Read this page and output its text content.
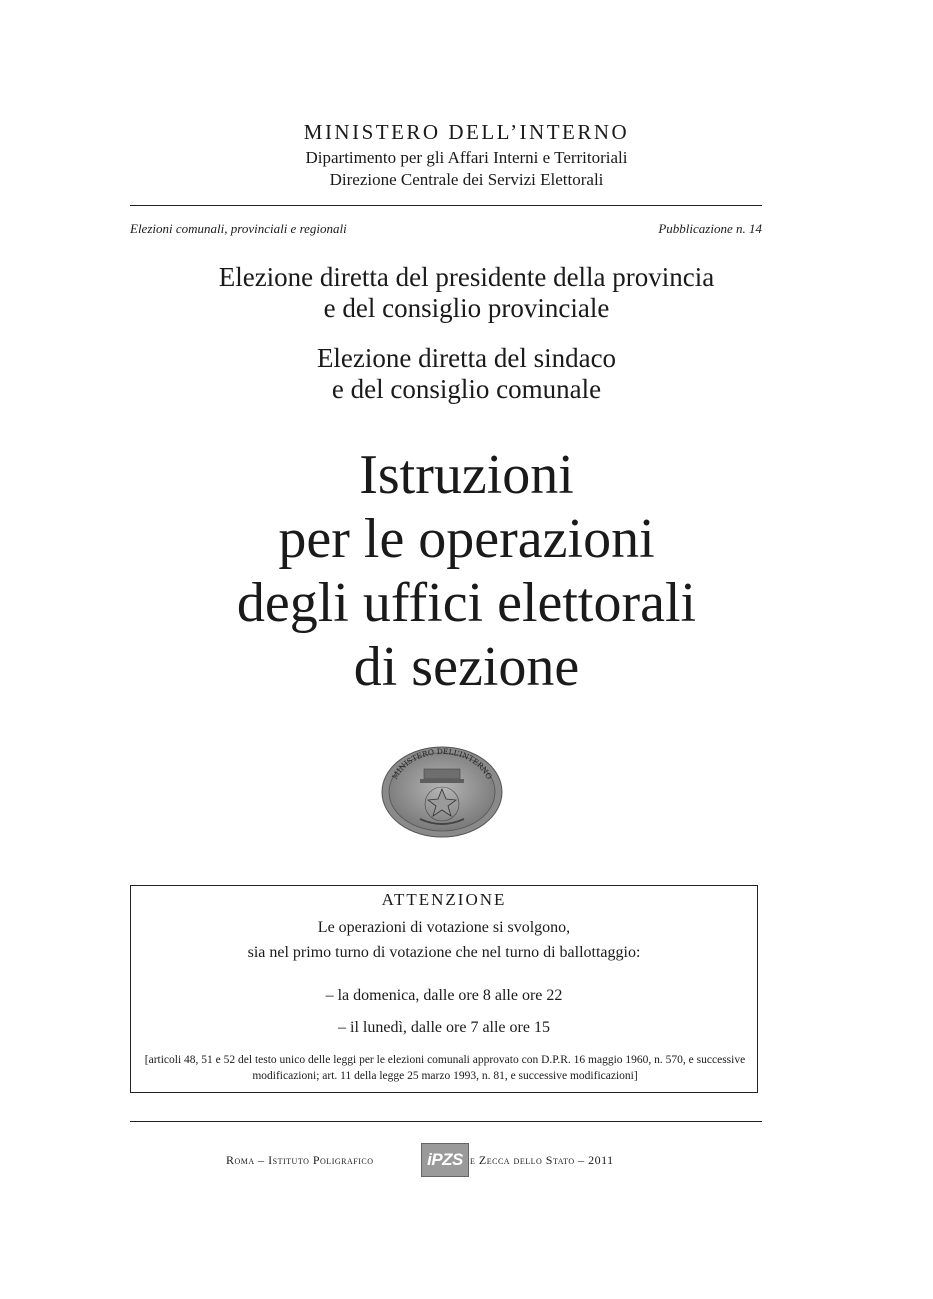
MINISTERO DELL’INTERNO
Dipartimento per gli Affari Interni e Territoriali
Direzione Centrale dei Servizi Elettorali
Elezioni comunali, provinciali e regionali	Pubblicazione n. 14
Elezione diretta del presidente della provincia
e del consiglio provinciale
Elezione diretta del sindaco
e del consiglio comunale
Istruzioni
per le operazioni
degli uffici elettorali
di sezione
MINISTERO DELL’INTERNO
ATTENZIONE
Le operazioni di votazione si svolgono,
sia nel primo turno di votazione che nel turno di ballottaggio:
– la domenica, dalle ore 8 alle ore 22
– il lunedì, dalle ore 7 alle ore 15
[articoli 48, 51 e 52 del testo unico delle leggi per le elezioni comunali approvato con D.P.R. 16 maggio 1960, n. 570, e successive modificazioni; art. 11 della legge 25 marzo 1993, n. 81, e successive modificazioni]
Roma – Istituto Poligrafico	iPZS e Zecca dello Stato – 2011
